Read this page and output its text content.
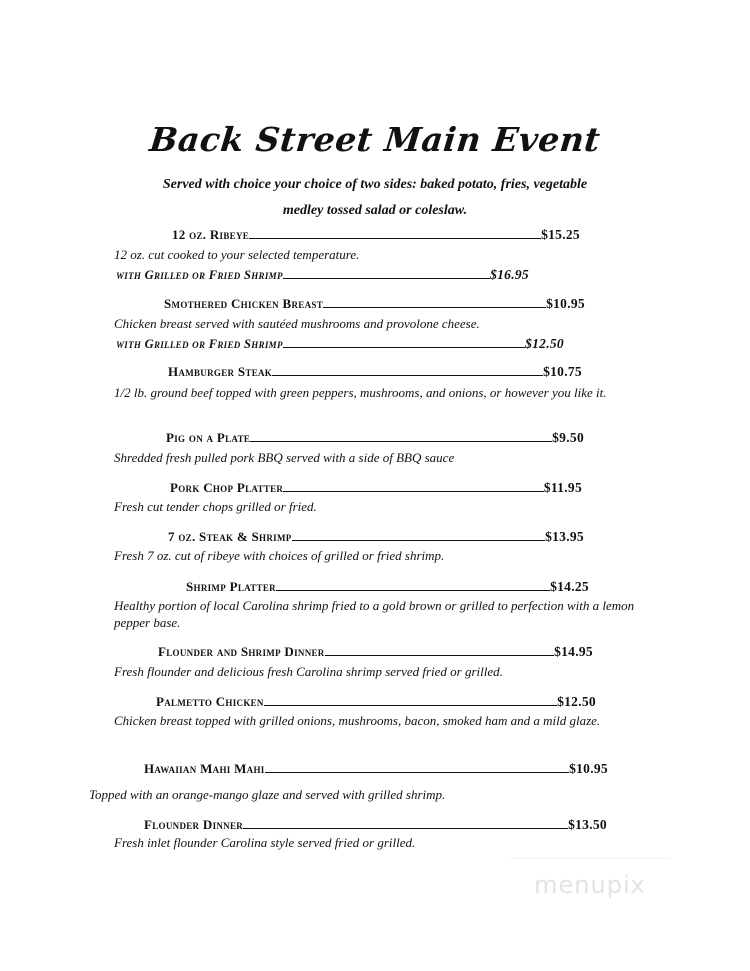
Back Street Main Event
Served with choice your choice of two sides: baked potato, fries, vegetable
medley tossed salad or coleslaw.
12 oz. Ribeye	$15.25
12 oz. cut cooked to your selected temperature.
with Grilled or Fried Shrimp	$16.95
Smothered Chicken Breast	$10.95
Chicken breast served with sautéed mushrooms and provolone cheese.
with Grilled or Fried Shrimp	$12.50
Hamburger Steak	$10.75
1/2 lb. ground beef topped with green peppers, mushrooms, and onions, or however you like it.
Pig on a Plate	$9.50
Shredded fresh pulled pork BBQ served with a side of BBQ sauce
Pork Chop Platter	$11.95
Fresh cut tender chops grilled or fried.
7 oz. Steak & Shrimp	$13.95
Fresh 7 oz. cut of ribeye with choices of grilled or fried shrimp.
Shrimp Platter	$14.25
Healthy portion of local Carolina shrimp fried to a gold brown or grilled to perfection with a lemon pepper base.
Flounder and Shrimp Dinner	$14.95
Fresh flounder and delicious fresh Carolina shrimp served fried or grilled.
Palmetto Chicken	$12.50
Chicken breast topped with grilled onions, mushrooms, bacon, smoked ham and a mild glaze.
Hawaiian Mahi Mahi	$10.95
Topped with an orange-mango glaze and served with grilled shrimp.
Flounder Dinner	$13.50
Fresh inlet flounder Carolina style served fried or grilled.
menupix
